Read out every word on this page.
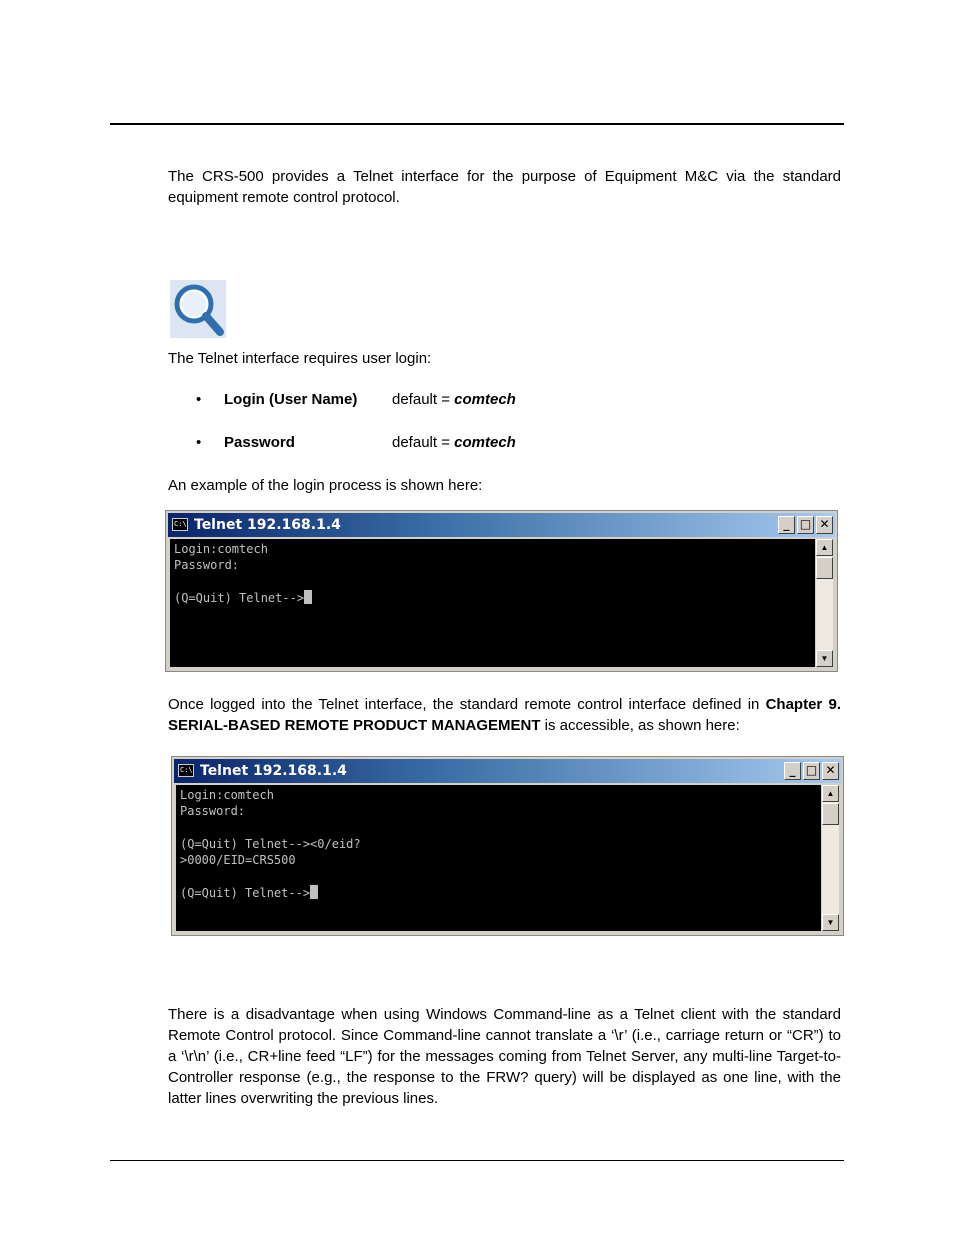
The CRS-500 provides a Telnet interface for the purpose of Equipment M&C via the standard equipment remote control protocol.

The Telnet interface requires user login:

•	Login (User Name) default = comtech
•	Password	default = comtech

An example of the login process is shown here:

C:\ Telnet 192.168.1.4	_ □ ✕
Login:comtech
Password:

(Q=Quit) Telnet-->
▲
▼

Once logged into the Telnet interface, the standard remote control interface defined in Chapter 9. SERIAL-BASED REMOTE PRODUCT MANAGEMENT is accessible, as shown here:

C:\ Telnet 192.168.1.4	_ □ ✕
Login:comtech
Password:

(Q=Quit) Telnet--><0/eid?
>0000/EID=CRS500

(Q=Quit) Telnet-->
▲
▼

There is a disadvantage when using Windows Command-line as a Telnet client with the standard Remote Control protocol. Since Command-line cannot translate a ‘\r’ (i.e., carriage return or “CR”) to a ‘\r\n’ (i.e., CR+line feed “LF”) for the messages coming from Telnet Server, any multi-line Target-to-Controller response (e.g., the response to the FRW? query) will be displayed as one line, with the latter lines overwriting the previous lines.
